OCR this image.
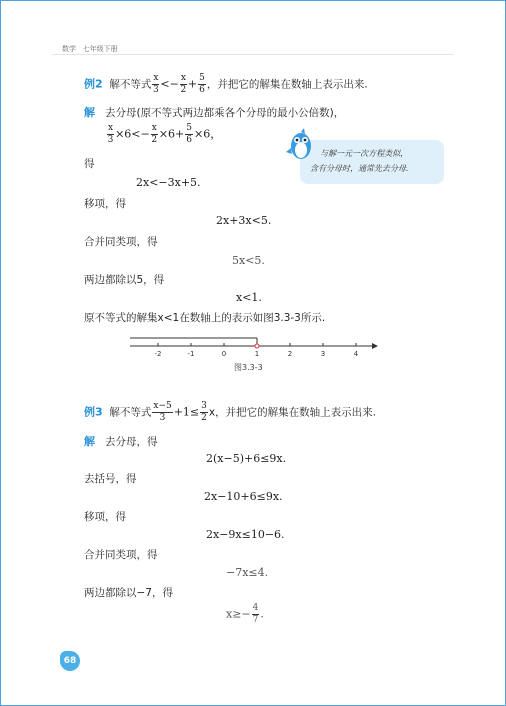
数学 七年级下册
例2 解不等式 $\frac{x}{3} <- \frac{x}{2} + \frac{5}{6}$ ，并把它的解集在数轴上表示出来.
解 去分母(原不等式两边都乘各个分母的最小公倍数)，
$\frac{x}{3} \times 6<- \frac{x}{2} \times 6+ \frac{5}{6} \times 6$，
得
2x<−3x+5.
移项，得
2x+3x<5.
合并同类项，得
5x<5.
两边都除以5，得
x<1.
原不等式的解集x<1在数轴上的表示如图3.3-3所示.
与解一元一次方程类似，
含有分母时，通常先去分母.
-2	-1	0	1	2	3	4
图3.3-3
例3 解不等式 $\frac{x-5}{3} +1\le \frac{3}{2}$ x，并把它的解集在数轴上表示出来.
解 去分母，得
2(x−5)+6≤9x.
去括号，得
2x−10+6≤9x.
移项，得
2x−9x≤10−6.
合并同类项，得
−7x≤4.
两边都除以−7，得
$x\ge- \frac{4}{7}$ .
68
